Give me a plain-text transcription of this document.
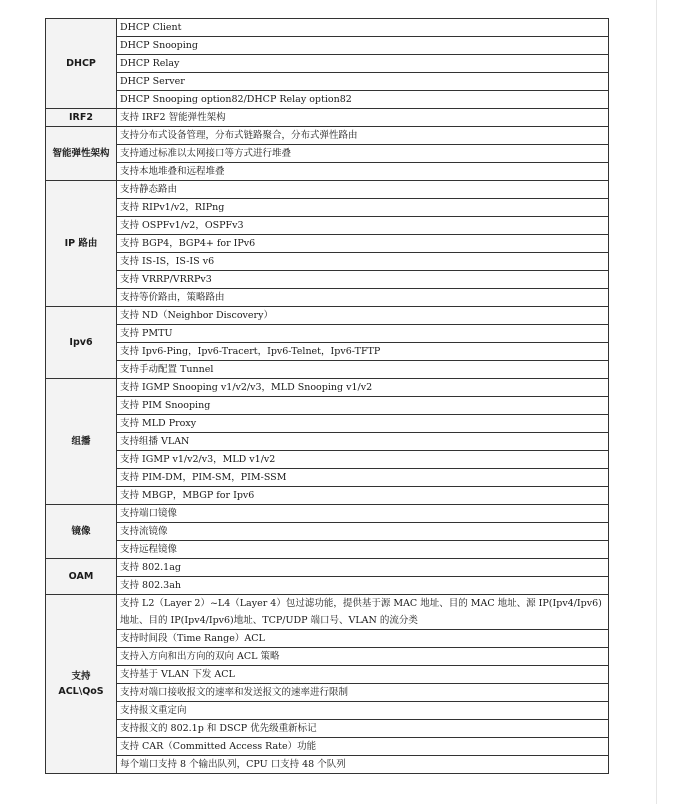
DHCP	DHCP Client
	DHCP Snooping
	DHCP Relay
	DHCP Server
	DHCP Snooping option82/DHCP Relay option82
IRF2	支持 IRF2 智能弹性架构
智能弹性架构	支持分布式设备管理，分布式链路聚合，分布式弹性路由
	支持通过标准以太网接口等方式进行堆叠
	支持本地堆叠和远程堆叠
IP 路由	支持静态路由
	支持 RIPv1/v2，RIPng
	支持 OSPFv1/v2，OSPFv3
	支持 BGP4，BGP4+ for IPv6
	支持 IS-IS，IS-IS v6
	支持 VRRP/VRRPv3
	支持等价路由，策略路由
Ipv6	支持 ND（Neighbor Discovery）
	支持 PMTU
	支持 Ipv6-Ping，Ipv6-Tracert，Ipv6-Telnet，Ipv6-TFTP
	支持手动配置 Tunnel
组播	支持 IGMP Snooping v1/v2/v3，MLD Snooping v1/v2
	支持 PIM Snooping
	支持 MLD Proxy
	支持组播 VLAN
	支持 IGMP v1/v2/v3，MLD v1/v2
	支持 PIM-DM，PIM-SM，PIM-SSM
	支持 MBGP，MBGP for Ipv6
镜像	支持端口镜像
	支持流镜像
	支持远程镜像
OAM	支持 802.1ag
	支持 802.3ah
支持 ACL\QoS	支持 L2（Layer 2）~L4（Layer 4）包过滤功能，提供基于源 MAC 地址、目的 MAC 地址、源 IP(Ipv4/Ipv6)地址、目的 IP(Ipv4/Ipv6)地址、TCP/UDP 端口号、VLAN 的流分类
	支持时间段（Time Range）ACL
	支持入方向和出方向的双向 ACL 策略
	支持基于 VLAN 下发 ACL
	支持对端口接收报文的速率和发送报文的速率进行限制
	支持报文重定向
	支持报文的 802.1p 和 DSCP 优先级重新标记
	支持 CAR（Committed Access Rate）功能
	每个端口支持 8 个输出队列，CPU 口支持 48 个队列
